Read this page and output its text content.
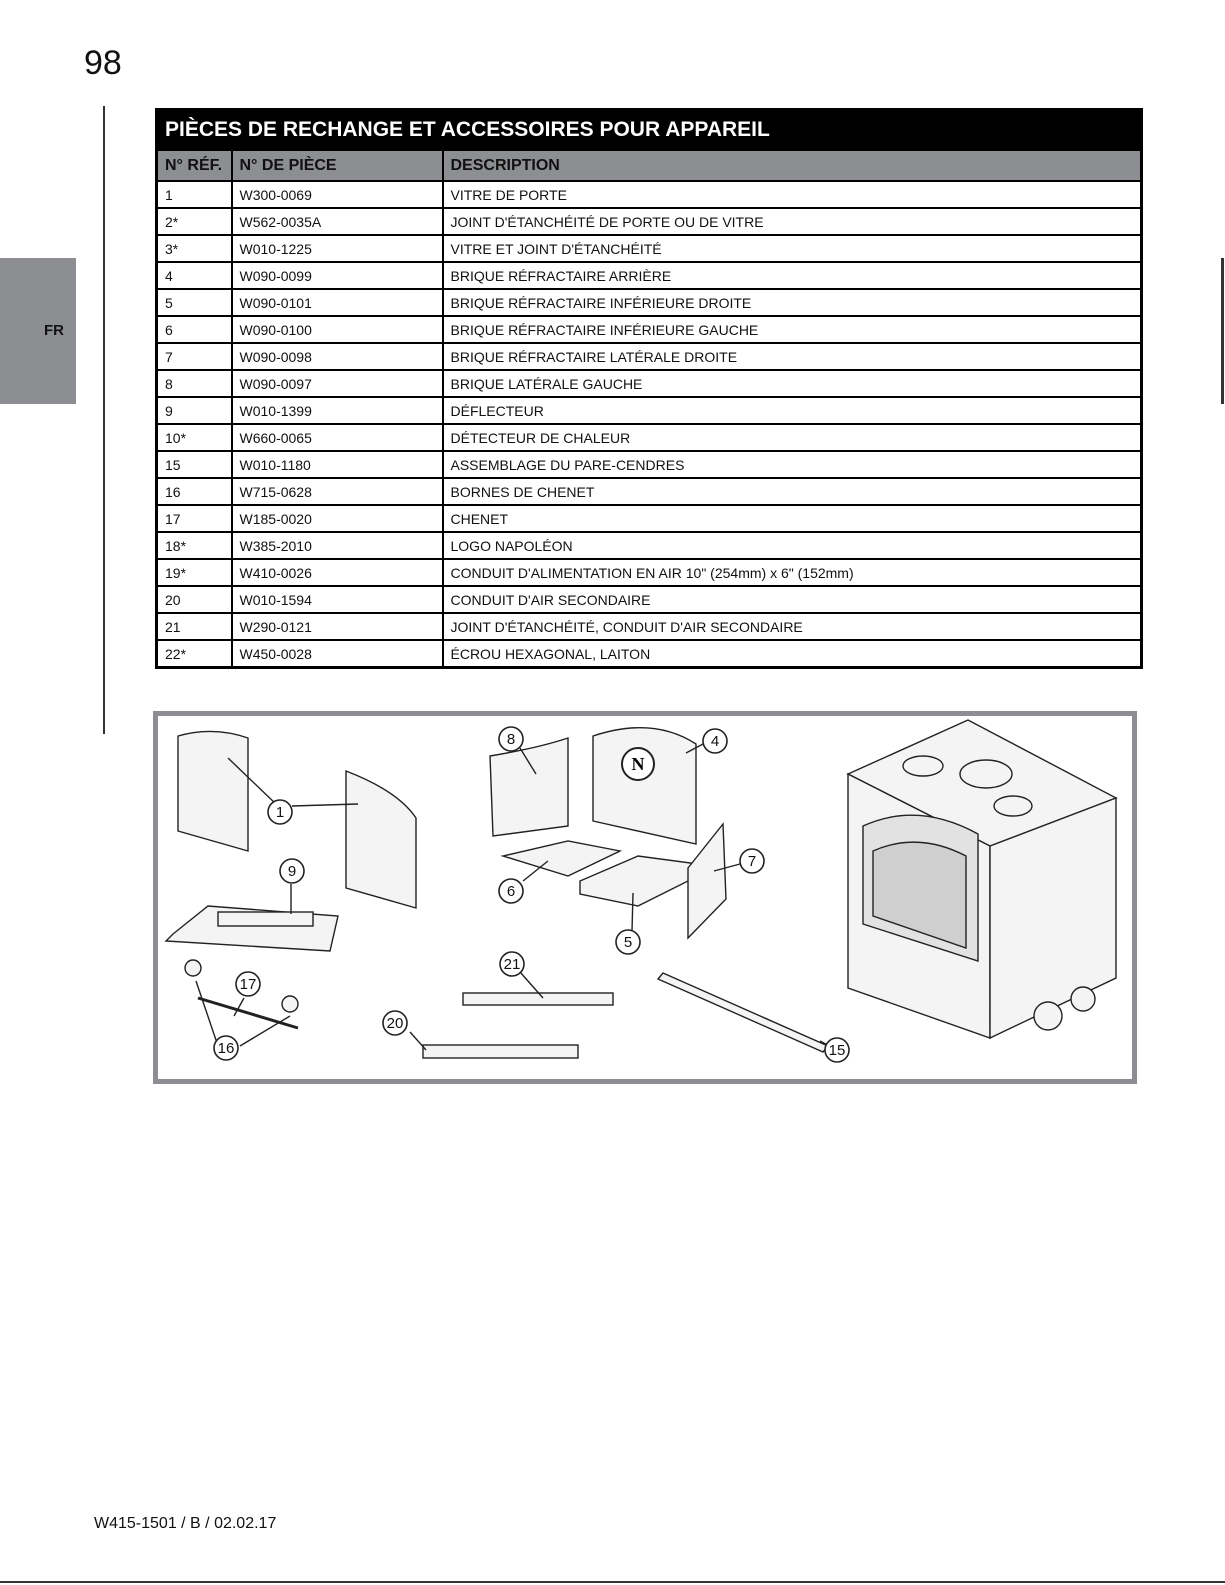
98
FR
PIÈCES DE RECHANGE ET ACCESSOIRES POUR APPAREIL		
N° RÉF.	N° DE PIÈCE	DESCRIPTION
1	W300-0069	VITRE DE PORTE
2*	W562-0035A	JOINT D'ÉTANCHÉITÉ DE PORTE OU DE VITRE
3*	W010-1225	VITRE ET JOINT D'ÉTANCHÉITÉ
4	W090-0099	BRIQUE RÉFRACTAIRE ARRIÈRE
5	W090-0101	BRIQUE RÉFRACTAIRE INFÉRIEURE DROITE
6	W090-0100	BRIQUE RÉFRACTAIRE INFÉRIEURE GAUCHE
7	W090-0098	BRIQUE RÉFRACTAIRE LATÉRALE DROITE
8	W090-0097	BRIQUE LATÉRALE GAUCHE
9	W010-1399	DÉFLECTEUR
10*	W660-0065	DÉTECTEUR DE CHALEUR
15	W010-1180	ASSEMBLAGE DU PARE-CENDRES
16	W715-0628	BORNES DE CHENET
17	W185-0020	CHENET
18*	W385-2010	LOGO NAPOLÉON
19*	W410-0026	CONDUIT D'ALIMENTATION EN AIR 10" (254mm) x 6" (152mm)
20	W010-1594	CONDUIT D'AIR SECONDAIRE
21	W290-0121	JOINT D'ÉTANCHÉITÉ, CONDUIT D'AIR SECONDAIRE
22*	W450-0028	ÉCROU HEXAGONAL, LAITON
N
1
4
5
6
7
8
9
15
16
17
20
21
W415-1501 / B / 02.02.17
